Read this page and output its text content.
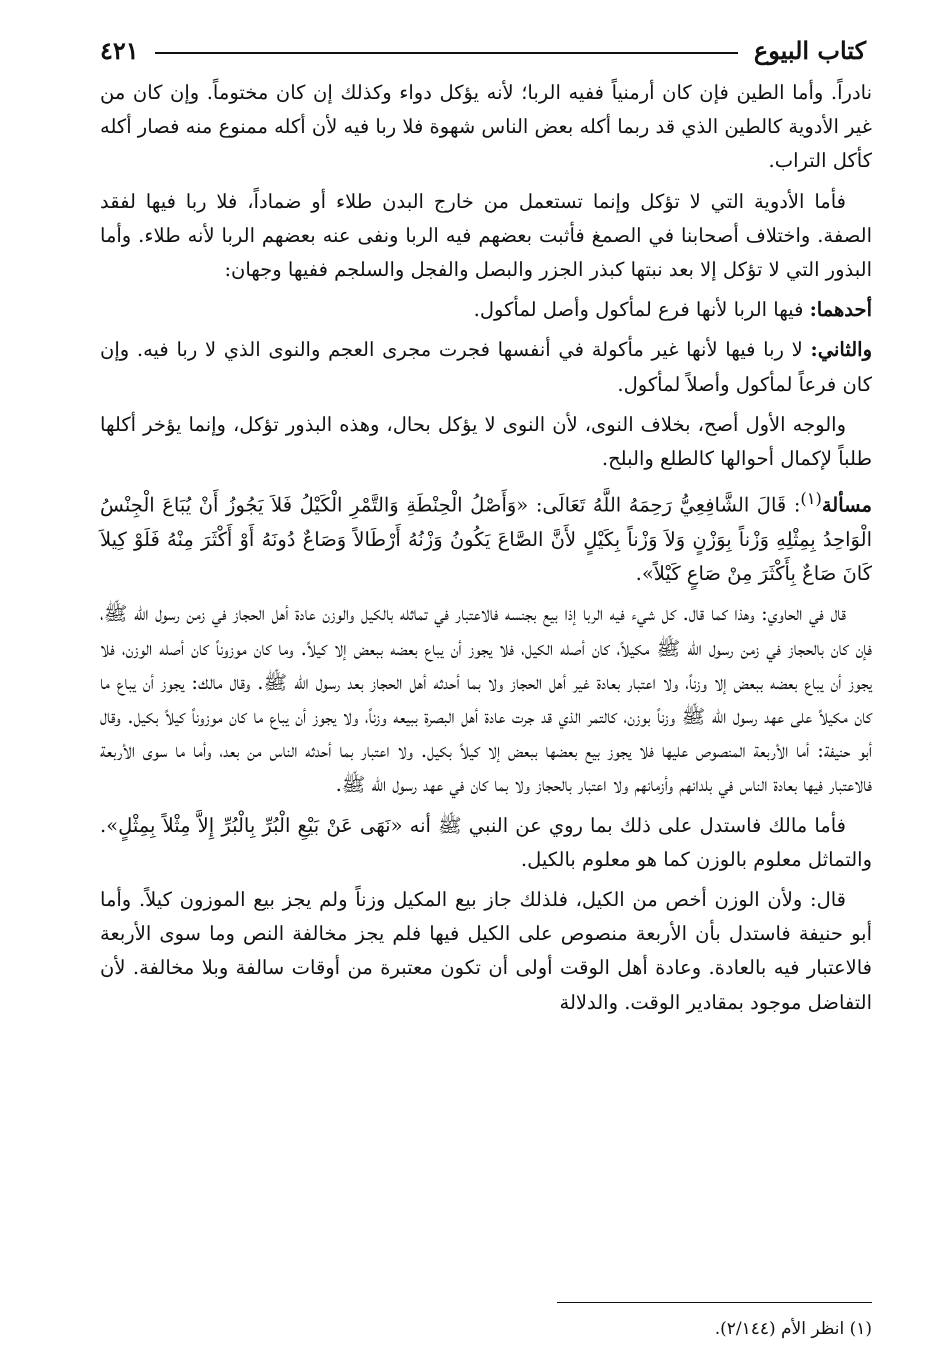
كتاب البيوع
٤٢١

نادراً. وأما الطين فإن كان أرمنياً ففيه الربا؛ لأنه يؤكل دواء وكذلك إن كان مختوماً. وإن كان من غير الأدوية كالطين الذي قد ربما أكله بعض الناس شهوة فلا ربا فيه لأن أكله ممنوع منه فصار أكله كأكل التراب.

فأما الأدوية التي لا تؤكل وإنما تستعمل من خارج البدن طلاء أو ضماداً، فلا ربا فيها لفقد الصفة. واختلاف أصحابنا في الصمغ فأثبت بعضهم فيه الربا ونفى عنه بعضهم الربا لأنه طلاء. وأما البذور التي لا تؤكل إلا بعد نبتها كبذر الجزر والبصل والفجل والسلجم ففيها وجهان:

أحدهما: فيها الربا لأنها فرع لمأكول وأصل لمأكول.

والثاني: لا ربا فيها لأنها غير مأكولة في أنفسها فجرت مجرى العجم والنوى الذي لا ربا فيه. وإن كان فرعاً لمأكول وأصلاً لمأكول.

والوجه الأول أصح، بخلاف النوى، لأن النوى لا يؤكل بحال، وهذه البذور تؤكل، وإنما يؤخر أكلها طلباً لإكمال أحوالها كالطلع والبلح.

مسألة$^{(١)}$: قَالَ الشَّافِعِيُّ رَحِمَهُ اللَّهُ تَعَالَى: «وَأَصْلُ الْحِنْطَةِ وَالتَّمْرِ الْكَيْلُ فَلاَ يَجُوزُ أَنْ يُبَاعَ الْجِنْسُ الْوَاحِدُ بِمِثْلِهِ وَزْناً بِوَزْنٍ وَلاَ وَزْناً بِكَيْلٍ لأَنَّ الصَّاعَ يَكُونُ وَزْنُهُ أَرْطَالاً وَصَاعٌ دُونَهُ أَوْ أَكْثَرَ مِنْهُ فَلَوْ كِيلاَ كَانَ صَاعٌ بِأَكْثَرَ مِنْ صَاعٍ كَيْلاً».

قال في الحاوي: وهذا كما قال. كل شيء فيه الربا إذا بيع بجنسه فالاعتبار في تماثله بالكيل والوزن عادة أهل الحجاز في زمن رسول الله ﷺ، فإن كان بالحجاز في زمن رسول الله ﷺ مكيلاً، كان أصله الكيل، فلا يجوز أن يباع بعضه ببعض إلا كيلاً. وما كان موزوناً كان أصله الوزن، فلا يجوز أن يباع بعضه ببعض إلا وزناً، ولا اعتبار بعادة غير أهل الحجاز ولا بما أحدثه أهل الحجاز بعد رسول الله ﷺ. وقال مالك: يجوز أن يباع ما كان مكيلاً على عهد رسول الله ﷺ وزناً بوزن، كالتمر الذي قد جرت عادة أهل البصرة ببيعه وزناً، ولا يجوز أن يباع ما كان موزوناً كيلاً بكيل. وقال أبو حنيفة: أما الأربعة المنصوص عليها فلا يجوز بيع بعضها ببعض إلا كيلاً بكيل. ولا اعتبار بما أحدثه الناس من بعد، وأما ما سوى الأربعة فالاعتبار فيها بعادة الناس في بلدانهم وأزمانهم ولا اعتبار بالحجاز ولا بما كان في عهد رسول الله ﷺ.

فأما مالك فاستدل على ذلك بما روي عن النبي ﷺ أنه «نَهَى عَنْ بَيْعِ الْبُرِّ بِالْبُرِّ إِلاَّ مِثْلاً بِمِثْلٍ». والتماثل معلوم بالوزن كما هو معلوم بالكيل.

قال: ولأن الوزن أخص من الكيل، فلذلك جاز بيع المكيل وزناً ولم يجز بيع الموزون كيلاً. وأما أبو حنيفة فاستدل بأن الأربعة منصوص على الكيل فيها فلم يجز مخالفة النص وما سوى الأربعة فالاعتبار فيه بالعادة. وعادة أهل الوقت أولى أن تكون معتبرة من أوقات سالفة وبلا مخالفة. لأن التفاضل موجود بمقادير الوقت. والدلالة

(١) انظر الأم (٢/١٤٤).
